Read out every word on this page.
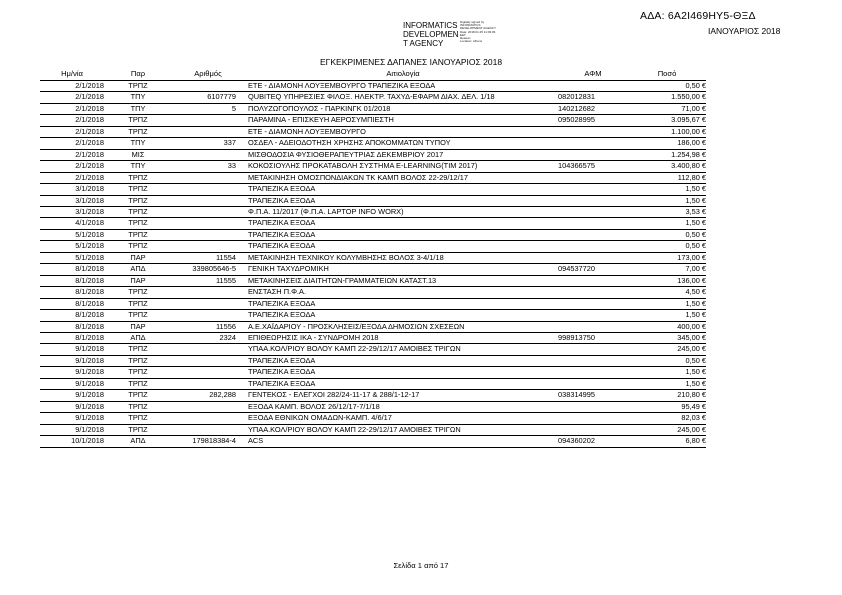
ΑΔΑ: 6Α2Ι469ΗΥ5-ΘΞΔ
ΙΑΝΟΥΑΡΙΟΣ 2018
INFORMATICS
DEVELOPMEN
T AGENCY
Digitally signed by
INFORMATICS
DEVELOPMENT AGENCY
Date: 2018.01.25 11:09:06
EET
Reason:
Location: Athens
ΕΓΚΕΚΡΙΜΕΝΕΣ ΔΑΠΑΝΕΣ ΙΑΝΟΥΑΡΙΟΣ 2018
Ημ/νία	Παρ	Αριθμός	Αιτιολογία	ΑΦΜ	Ποσό
2/1/2018	ΤΡΠΖ		ΕΤΕ - ΔΙΑΜΟΝΗ ΛΟΥΞΕΜΒΟΥΡΓΟ ΤΡΑΠΕΖΙΚΑ ΕΞΟΔΑ		0,50 €
2/1/2018	ΤΠΥ	6107779	QUBITEQ ΥΠΗΡΕΣΙΕΣ ΦΙΛΟΞ. ΗΛΕΚΤΡ. ΤΑΧΥΔ-ΕΦΑΡΜ ΔΙΑΧ. ΔΕΛ. 1/18	082012831	1.550,00 €
2/1/2018	ΤΠΥ	5	ΠΟΛΥΖΩΓΟΠΟΥΛΟΣ - ΠΑΡΚΙΝΓΚ 01/2018	140212682	71,00 €
2/1/2018	ΤΡΠΖ		ΠΑΡΑΜΙΝΑ - ΕΠΙΣΚΕΥΗ ΑΕΡΟΣΥΜΠΙΕΣΤΗ	095028995	3.095,67 €
2/1/2018	ΤΡΠΖ		ΕΤΕ - ΔΙΑΜΟΝΗ ΛΟΥΞΕΜΒΟΥΡΓΟ		1.100,00 €
2/1/2018	ΤΠΥ	337	ΟΣΔΕΛ - ΑΔΕΙΟΔΟΤΗΣΗ ΧΡΗΣΗΣ ΑΠΟΚΟΜΜΑΤΩΝ ΤΥΠΟΥ		186,00 €
2/1/2018	ΜΙΣ		ΜΙΣΘΟΔΟΣΙΑ ΦΥΣΙΟΘΕΡΑΠΕΥΤΡΙΑΣ ΔΕΚΕΜΒΡΙΟΥ 2017		1.254,98 €
2/1/2018	ΤΠΥ	33	ΚΟΚΟΣΙΟΥΛΗΣ ΠΡΟΚΑΤΑΒΟΛΗ ΣΥΣΤΗΜΑ E-LEARNING(TIM 2017)	104366575	3.400,80 €
2/1/2018	ΤΡΠΖ		ΜΕΤΑΚΙΝΗΣΗ ΟΜΟΣΠΟΝΔΙΑΚΩΝ ΤΚ ΚΑΜΠ ΒΟΛΟΣ 22-29/12/17		112,80 €
3/1/2018	ΤΡΠΖ		ΤΡΑΠΕΖΙΚΑ ΕΞΟΔΑ		1,50 €
3/1/2018	ΤΡΠΖ		ΤΡΑΠΕΖΙΚΑ ΕΞΟΔΑ		1,50 €
3/1/2018	ΤΡΠΖ		Φ.Π.Α. 11/2017 (Φ.Π.Α. LAPTOP INFO WORX)		3,53 €
4/1/2018	ΤΡΠΖ		ΤΡΑΠΕΖΙΚΑ ΕΞΟΔΑ		1,50 €
5/1/2018	ΤΡΠΖ		ΤΡΑΠΕΖΙΚΑ ΕΞΟΔΑ		0,50 €
5/1/2018	ΤΡΠΖ		ΤΡΑΠΕΖΙΚΑ ΕΞΟΔΑ		0,50 €
5/1/2018	ΠΑΡ	11554	ΜΕΤΑΚΙΝΗΣΗ ΤΕΧΝΙΚΟΥ ΚΟΛΥΜΒΗΣΗΣ ΒΟΛΟΣ 3-4/1/18		173,00 €
8/1/2018	ΑΠΔ	339805646-5	ΓΕΝΙΚΗ ΤΑΧΥΔΡΟΜΙΚΗ	094537720	7,00 €
8/1/2018	ΠΑΡ	11555	ΜΕΤΑΚΙΝΗΣΕΙΣ ΔΙΑΙΤΗΤΩΝ-ΓΡΑΜΜΑΤΕΙΩΝ ΚΑΤΑΣΤ.13		136,00 €
8/1/2018	ΤΡΠΖ		ΕΝΣΤΑΣΗ Π.Φ.Α.		4,50 €
8/1/2018	ΤΡΠΖ		ΤΡΑΠΕΖΙΚΑ ΕΞΟΔΑ		1,50 €
8/1/2018	ΤΡΠΖ		ΤΡΑΠΕΖΙΚΑ ΕΞΟΔΑ		1,50 €
8/1/2018	ΠΑΡ	11556	Α.Ε.ΧΑΪΔΑΡΙΟΥ - ΠΡΟΣΚΛΗΣΕΙΣ/ΕΞΟΔΑ ΔΗΜΟΣΙΩΝ ΣΧΕΣΕΩΝ		400,00 €
8/1/2018	ΑΠΔ	2324	ΕΠΙΘΕΩΡΗΣΙΣ ΙΚΑ - ΣΥΝΔΡΟΜΗ 2018	998913750	345,00 €
9/1/2018	ΤΡΠΖ		ΥΠΑΑ.ΚΟΛ/ΡΙΟΥ ΒΟΛΟΥ ΚΑΜΠ 22-29/12/17 ΑΜΟΙΒΕΣ ΤΡΙΓΩΝ		245,00 €
9/1/2018	ΤΡΠΖ		ΤΡΑΠΕΖΙΚΑ ΕΞΟΔΑ		0,50 €
9/1/2018	ΤΡΠΖ		ΤΡΑΠΕΖΙΚΑ ΕΞΟΔΑ		1,50 €
9/1/2018	ΤΡΠΖ		ΤΡΑΠΕΖΙΚΑ ΕΞΟΔΑ		1,50 €
9/1/2018	ΤΡΠΖ	282,288	ΓΕΝΤΕΚΟΣ - ΕΛΕΓΧΟΙ 282/24-11-17 & 288/1-12-17	038314995	210,80 €
9/1/2018	ΤΡΠΖ		ΕΞΟΔΑ ΚΑΜΠ. ΒΟΛΟΣ 26/12/17-7/1/18		95,49 €
9/1/2018	ΤΡΠΖ		ΕΞΟΔΑ ΕΘΝΙΚΩΝ ΟΜΑΔΩΝ-ΚΑΜΠ. 4/6/17		82,03 €
9/1/2018	ΤΡΠΖ		ΥΠΑΑ.ΚΟΛ/ΡΙΟΥ ΒΟΛΟΥ ΚΑΜΠ 22-29/12/17 ΑΜΟΙΒΕΣ ΤΡΙΓΩΝ		245,00 €
10/1/2018	ΑΠΔ	179818384-4	ACS	094360202	6,80 €
Σελίδα 1 από 17
